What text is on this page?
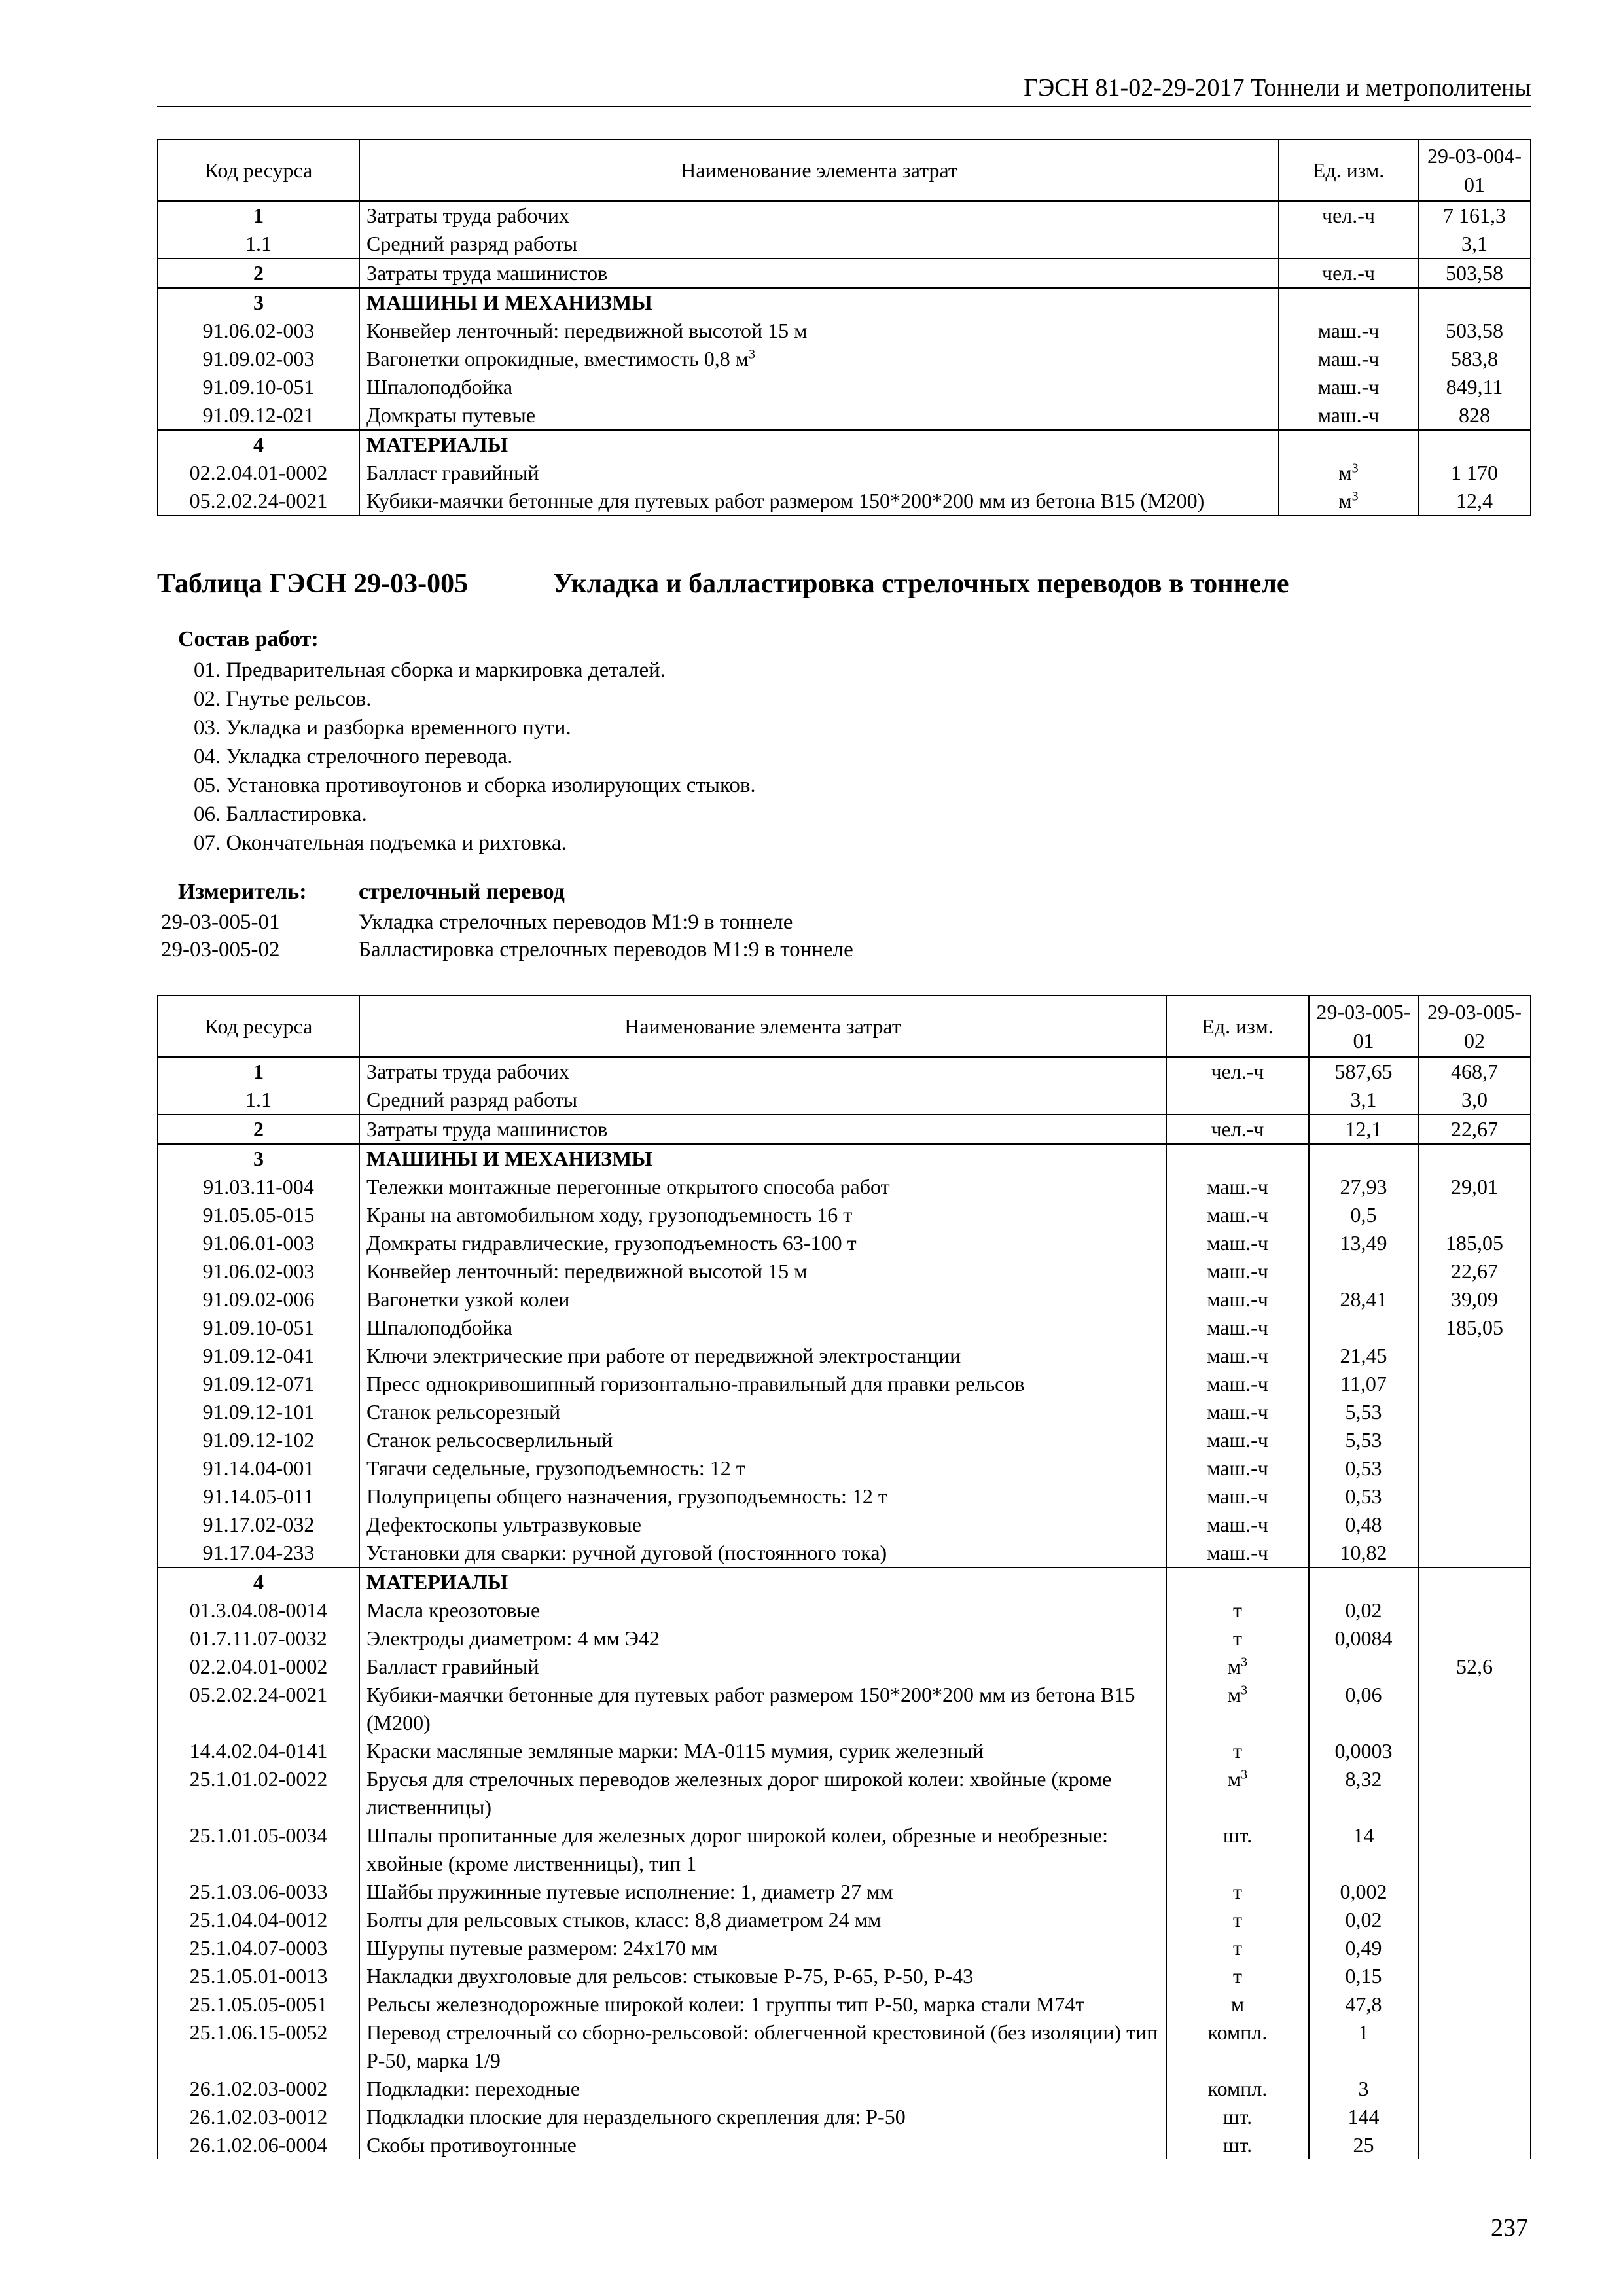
ГЭСН 81-02-29-2017 Тоннели и метрополитены
Код ресурса	Наименование элемента затрат	Ед. изм.	29-03-004-01
1	Затраты труда рабочих	чел.-ч	7 161,3
1.1	Средний разряд работы		3,1
2	Затраты труда машинистов	чел.-ч	503,58
3	МАШИНЫ И МЕХАНИЗМЫ		
91.06.02-003	Конвейер ленточный: передвижной высотой 15 м	маш.-ч	503,58
91.09.02-003	Вагонетки опрокидные, вместимость 0,8 $м^3$	маш.-ч	583,8
91.09.10-051	Шпалоподбойка	маш.-ч	849,11
91.09.12-021	Домкраты путевые	маш.-ч	828
4	МАТЕРИАЛЫ		
02.2.04.01-0002	Балласт гравийный	$м^3$	1 170
05.2.02.24-0021	Кубики-маячки бетонные для путевых работ размером 150*200*200 мм из бетона В15 (М200)	$м^3$	12,4
Таблица ГЭСН 29-03-005	Укладка и балластировка стрелочных переводов в тоннеле
Состав работ:
01. Предварительная сборка и маркировка деталей.
02. Гнутье рельсов.
03. Укладка и разборка временного пути.
04. Укладка стрелочного перевода.
05. Установка противоугонов и сборка изолирующих стыков.
06. Балластировка.
07. Окончательная подъемка и рихтовка.
Измеритель: стрелочный перевод
29-03-005-01	Укладка стрелочных переводов М1:9 в тоннеле
29-03-005-02	Балластировка стрелочных переводов М1:9 в тоннеле
Код ресурса	Наименование элемента затрат	Ед. изм.	29-03-005-01	29-03-005-02
1	Затраты труда рабочих	чел.-ч	587,65	468,7
1.1	Средний разряд работы		3,1	3,0
2	Затраты труда машинистов	чел.-ч	12,1	22,67
3	МАШИНЫ И МЕХАНИЗМЫ			
91.03.11-004	Тележки монтажные перегонные открытого способа работ	маш.-ч	27,93	29,01
91.05.05-015	Краны на автомобильном ходу, грузоподъемность 16 т	маш.-ч	0,5	
91.06.01-003	Домкраты гидравлические, грузоподъемность 63-100 т	маш.-ч	13,49	185,05
91.06.02-003	Конвейер ленточный: передвижной высотой 15 м	маш.-ч		22,67
91.09.02-006	Вагонетки узкой колеи	маш.-ч	28,41	39,09
91.09.10-051	Шпалоподбойка	маш.-ч		185,05
91.09.12-041	Ключи электрические при работе от передвижной электростанции	маш.-ч	21,45	
91.09.12-071	Пресс однокривошипный горизонтально-правильный для правки рельсов	маш.-ч	11,07	
91.09.12-101	Станок рельсорезный	маш.-ч	5,53	
91.09.12-102	Станок рельсосверлильный	маш.-ч	5,53	
91.14.04-001	Тягачи седельные, грузоподъемность: 12 т	маш.-ч	0,53	
91.14.05-011	Полуприцепы общего назначения, грузоподъемность: 12 т	маш.-ч	0,53	
91.17.02-032	Дефектоскопы ультразвуковые	маш.-ч	0,48	
91.17.04-233	Установки для сварки: ручной дуговой (постоянного тока)	маш.-ч	10,82	
4	МАТЕРИАЛЫ			
01.3.04.08-0014	Масла креозотовые	т	0,02	
01.7.11.07-0032	Электроды диаметром: 4 мм Э42	т	0,0084	
02.2.04.01-0002	Балласт гравийный	$м^3$		52,6
05.2.02.24-0021	Кубики-маячки бетонные для путевых работ размером 150*200*200 мм из бетона В15 (М200)	$м^3$	0,06	
14.4.02.04-0141	Краски масляные земляные марки: МА-0115 мумия, сурик железный	т	0,0003	
25.1.01.02-0022	Брусья для стрелочных переводов железных дорог широкой колеи: хвойные (кроме лиственницы)	$м^3$	8,32	
25.1.01.05-0034	Шпалы пропитанные для железных дорог широкой колеи, обрезные и необрезные: хвойные (кроме лиственницы), тип 1	шт.	14	
25.1.03.06-0033	Шайбы пружинные путевые исполнение: 1, диаметр 27 мм	т	0,002	
25.1.04.04-0012	Болты для рельсовых стыков, класс: 8,8 диаметром 24 мм	т	0,02	
25.1.04.07-0003	Шурупы путевые размером: 24х170 мм	т	0,49	
25.1.05.01-0013	Накладки двухголовые для рельсов: стыковые Р-75, Р-65, Р-50, Р-43	т	0,15	
25.1.05.05-0051	Рельсы железнодорожные широкой колеи: 1 группы тип Р-50, марка стали М74т	м	47,8	
25.1.06.15-0052	Перевод стрелочный со сборно-рельсовой: облегченной крестовиной (без изоляции) тип Р-50, марка 1/9	компл.	1	
26.1.02.03-0002	Подкладки: переходные	компл.	3	
26.1.02.03-0012	Подкладки плоские для нераздельного скрепления для: Р-50	шт.	144	
26.1.02.06-0004	Скобы противоугонные	шт.	25	
237
